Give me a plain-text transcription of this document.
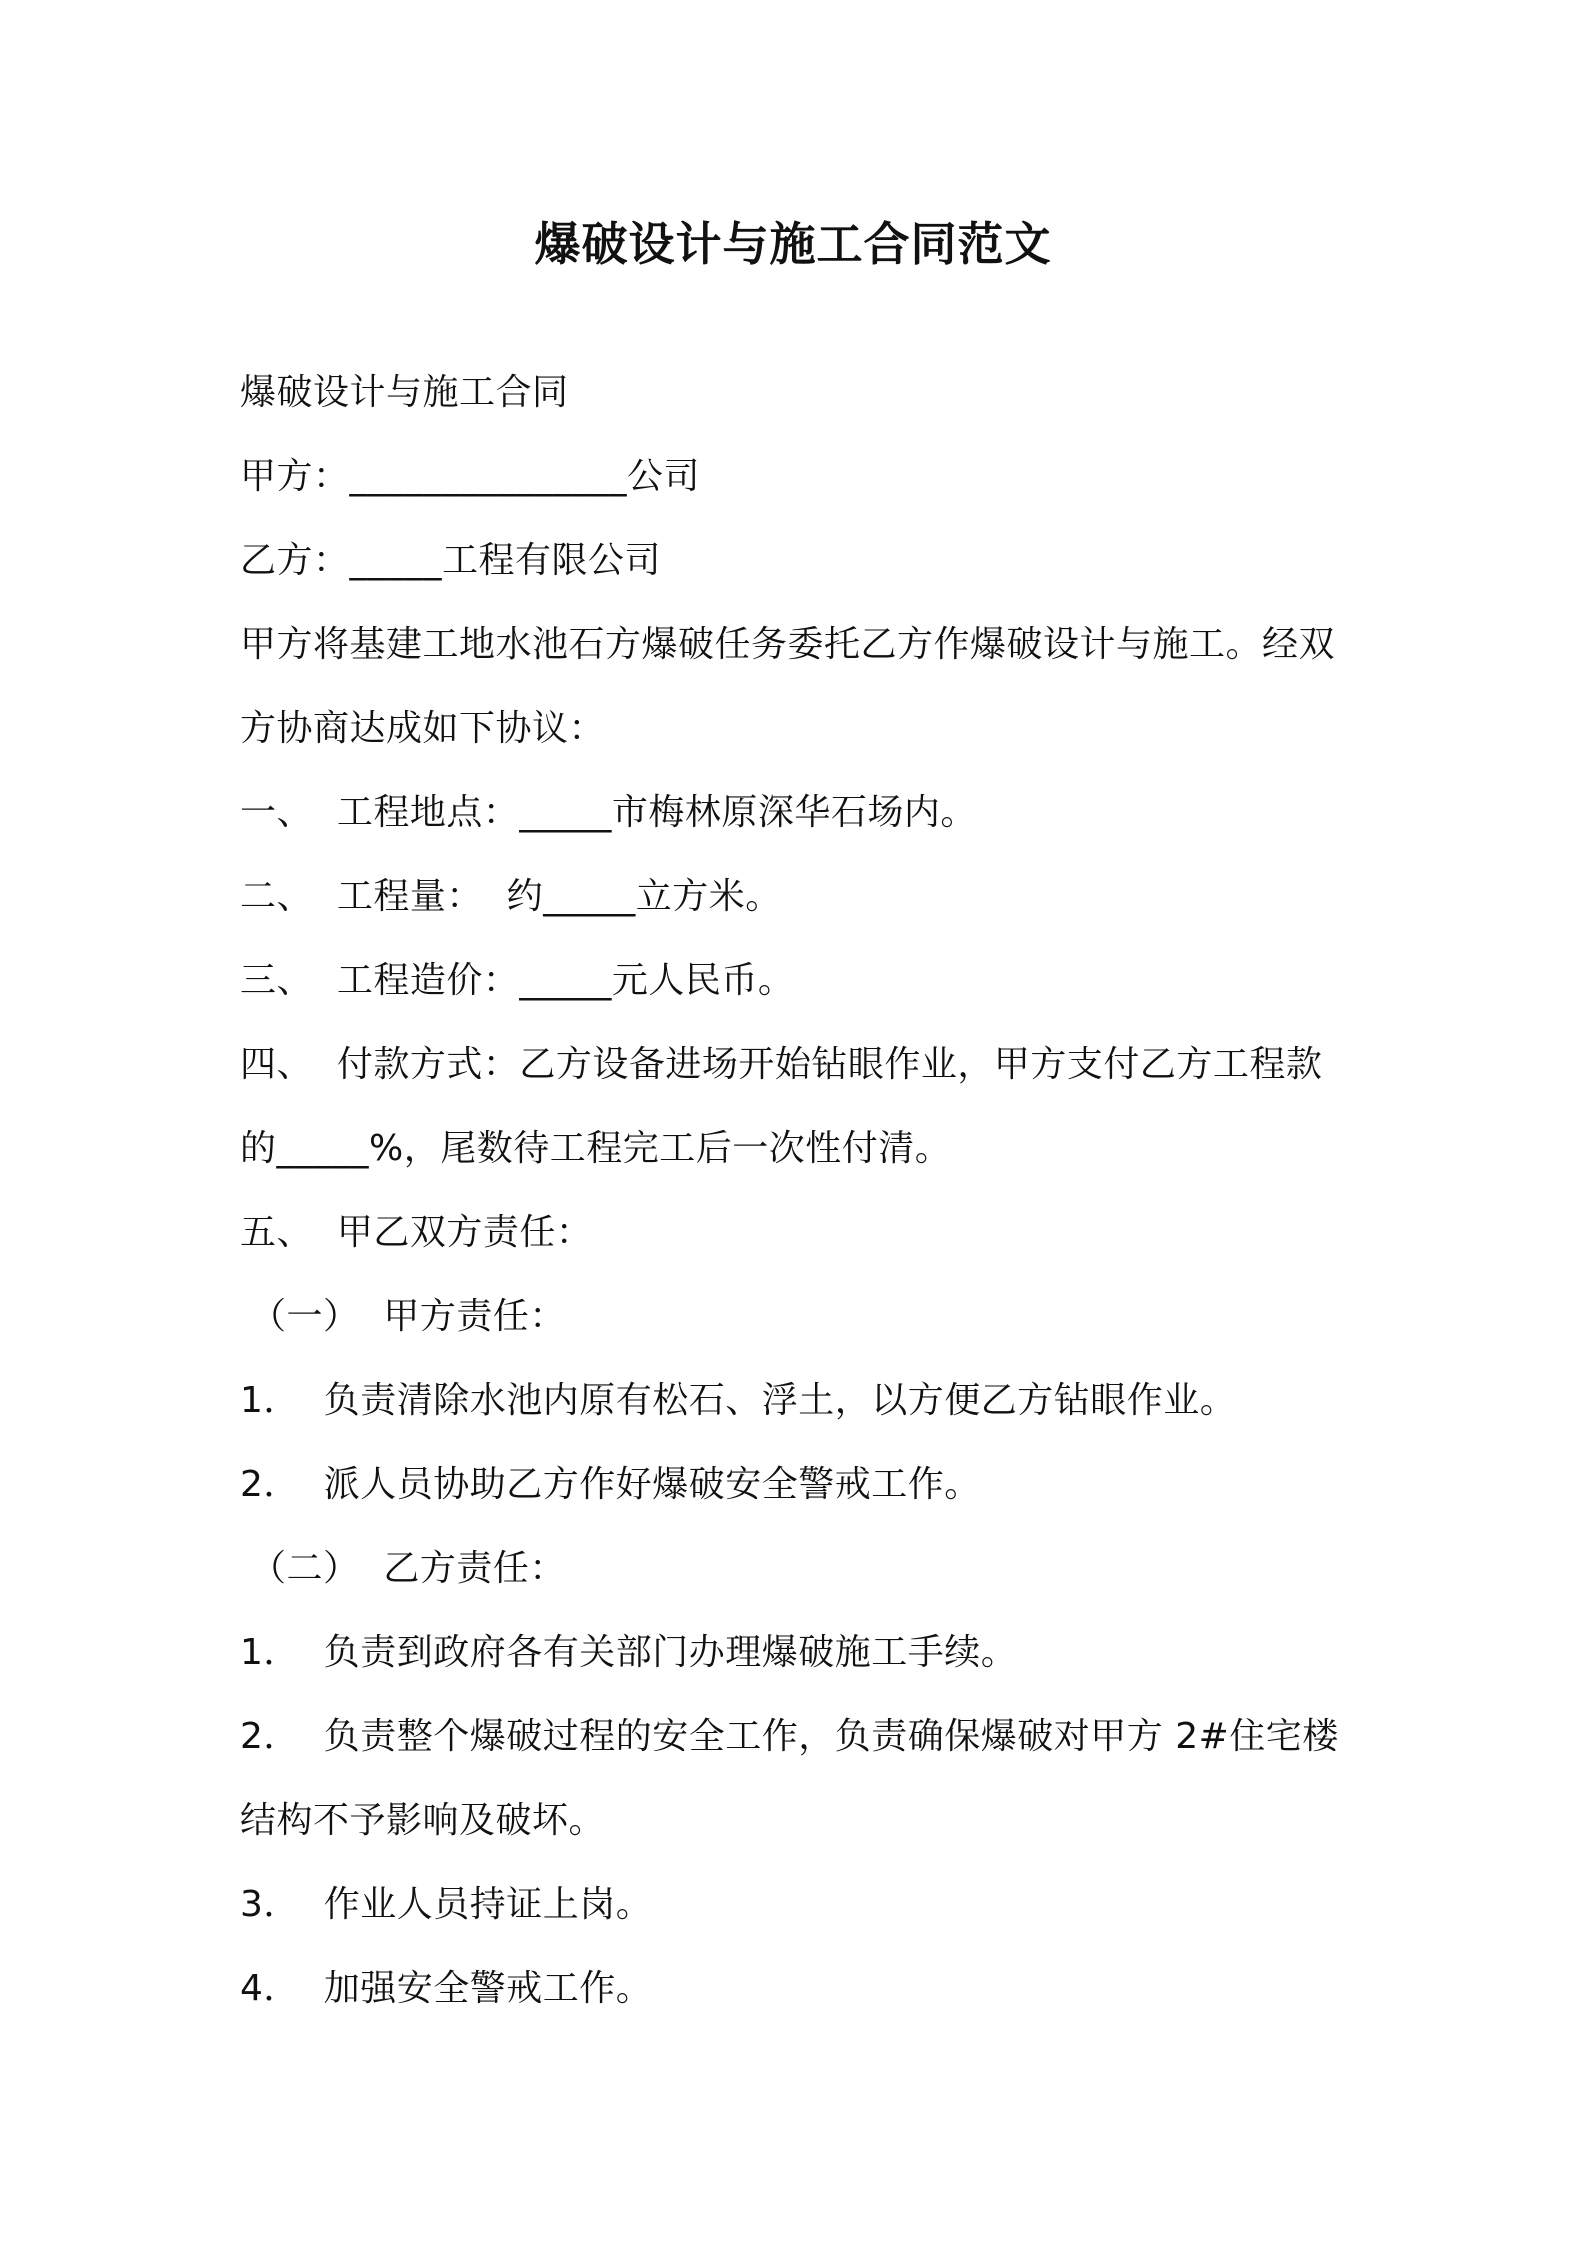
爆破设计与施工合同范文
爆破设计与施工合同
甲方：_______________公司
乙方：_____工程有限公司
甲方将基建工地水池石方爆破任务委托乙方作爆破设计与施工。经双
方协商达成如下协议：
一、  工程地点：_____市梅林原深华石场内。
二、  工程量：  约_____立方米。
三、  工程造价：_____元人民币。
四、  付款方式：乙方设备进场开始钻眼作业，甲方支付乙方工程款
的_____%，尾数待工程完工后一次性付清。
五、  甲乙双方责任：
（一）  甲方责任：
1．  负责清除水池内原有松石、浮土，以方便乙方钻眼作业。
2．  派人员协助乙方作好爆破安全警戒工作。
（二）  乙方责任：
1．  负责到政府各有关部门办理爆破施工手续。
2．  负责整个爆破过程的安全工作，负责确保爆破对甲方 2#住宅楼
结构不予影响及破坏。
3．  作业人员持证上岗。
4．  加强安全警戒工作。
